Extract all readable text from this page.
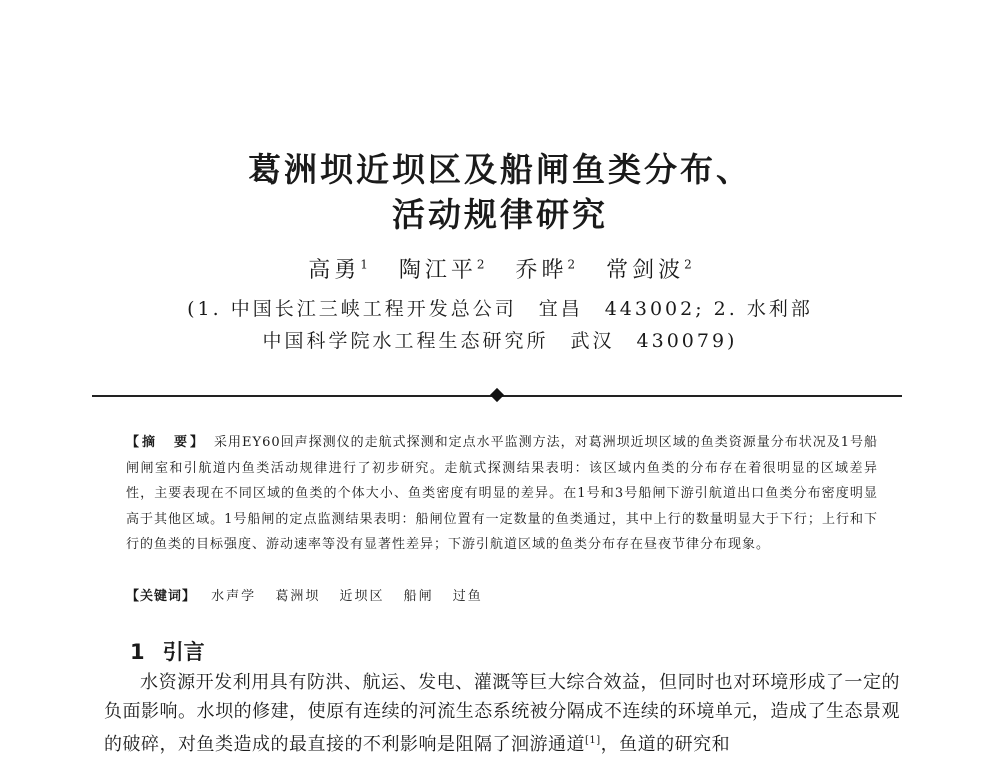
葛洲坝近坝区及船闸鱼类分布、
活动规律研究
高勇$^1$ 陶江平$^2$ 乔晔$^2$ 常剑波$^2$
(1. 中国长江三峡工程开发总公司　宜昌　443002; 2. 水利部
中国科学院水工程生态研究所　武汉　430079)
【摘　要】 采用EY60回声探测仪的走航式探测和定点水平监测方法，对葛洲坝近坝区域的鱼类资源量分布状况及1号船闸闸室和引航道内鱼类活动规律进行了初步研究。走航式探测结果表明：该区域内鱼类的分布存在着很明显的区域差异性，主要表现在不同区域的鱼类的个体大小、鱼类密度有明显的差异。在1号和3号船闸下游引航道出口鱼类分布密度明显高于其他区域。1号船闸的定点监测结果表明：船闸位置有一定数量的鱼类通过，其中上行的数量明显大于下行；上行和下行的鱼类的目标强度、游动速率等没有显著性差异；下游引航道区域的鱼类分布存在昼夜节律分布现象。
【关键词】 水声学 葛洲坝 近坝区 船闸 过鱼
1 引言
水资源开发利用具有防洪、航运、发电、灌溉等巨大综合效益，但同时也对环境形成了一定的负面影响。水坝的修建，使原有连续的河流生态系统被分隔成不连续的环境单元，造成了生态景观的破碎，对鱼类造成的最直接的不利影响是阻隔了洄游通道[1]，鱼道的研究和
